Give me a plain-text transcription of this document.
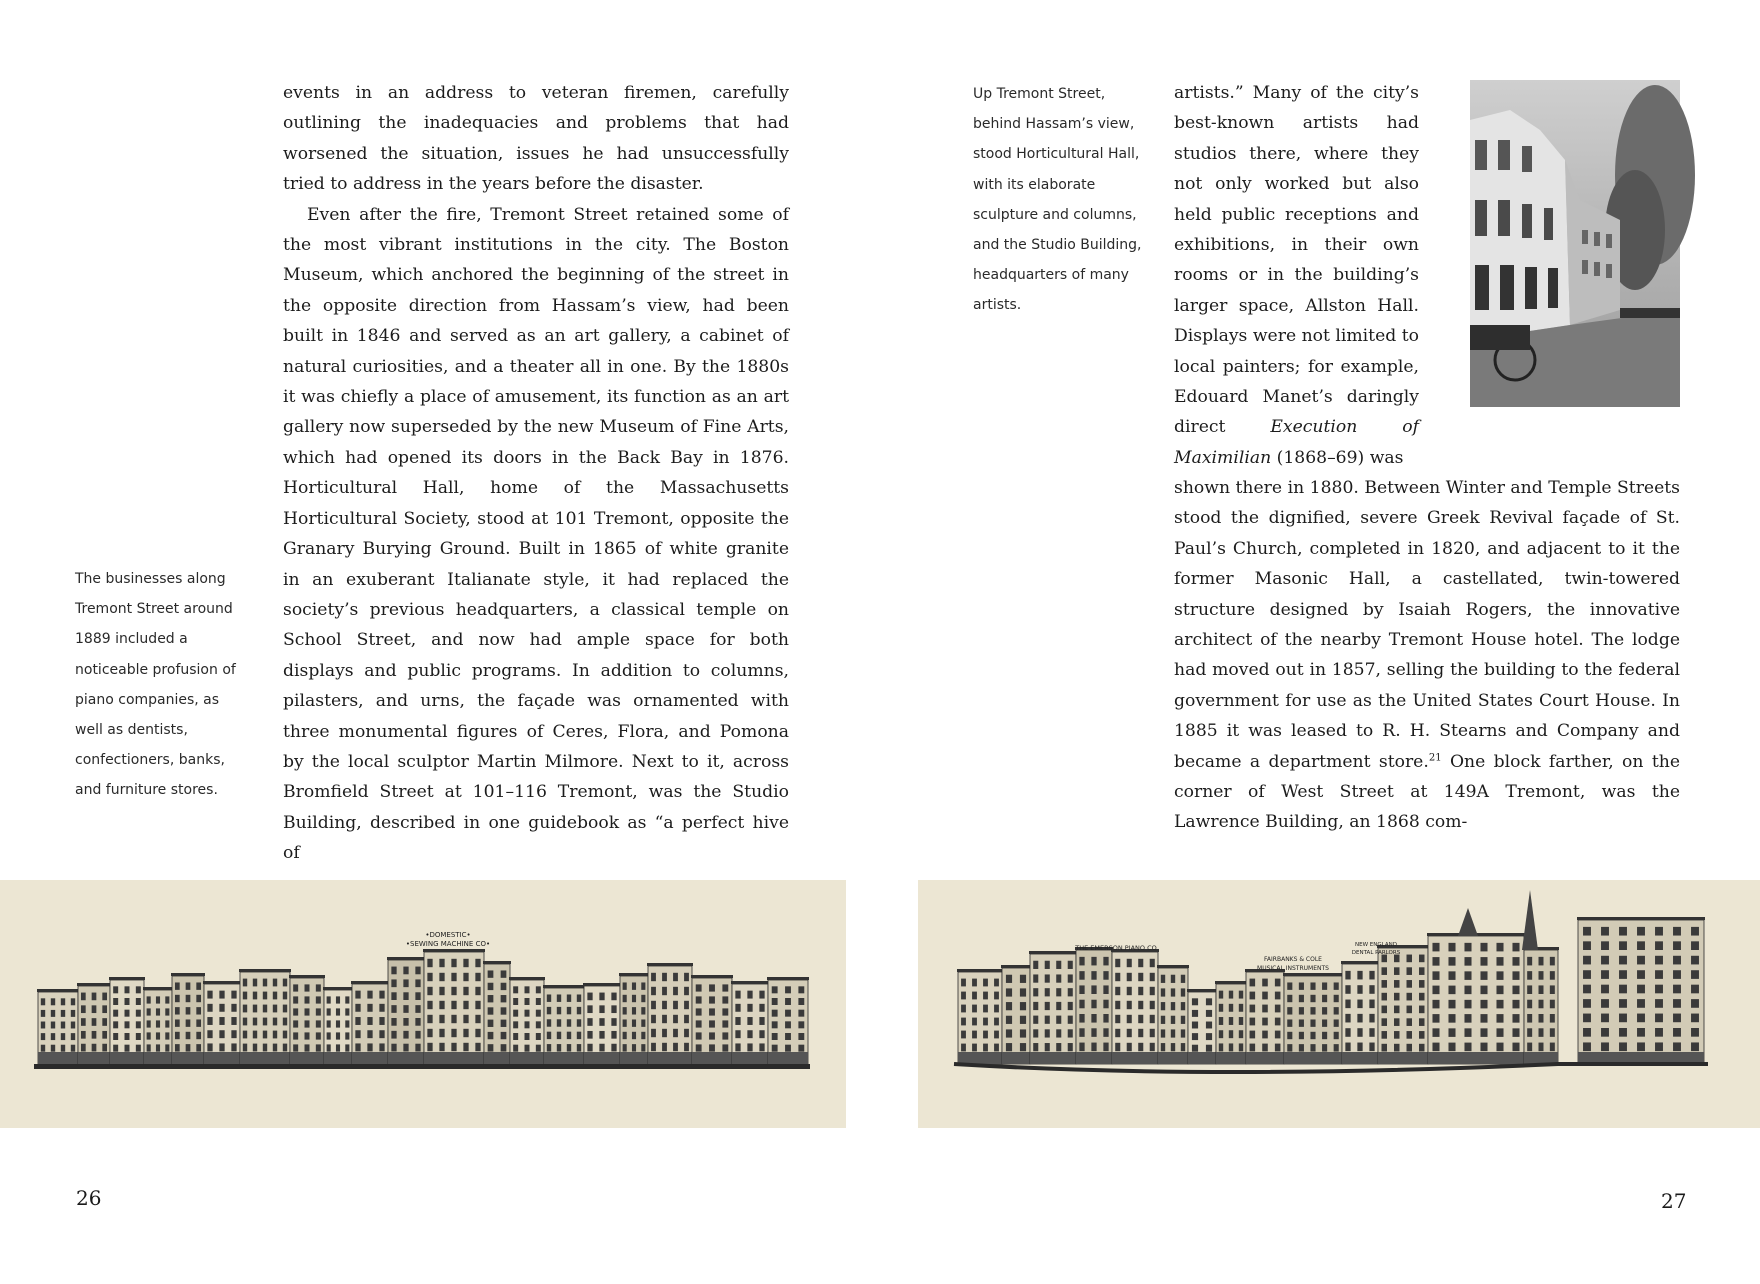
The businesses along
Tremont Street around
1889 included a
noticeable profusion of
piano companies, as
well as dentists,
confectioners, banks,
and furniture stores.

events in an address to veteran firemen, carefully outlining the inadequacies and problems that had worsened the situation, issues he had unsuccessfully tried to address in the years before the disaster.

Even after the fire, Tremont Street retained some of the most vibrant institutions in the city. The Boston Museum, which anchored the beginning of the street in the opposite direction from Hassam’s view, had been built in 1846 and served as an art gallery, a cabinet of natural curiosities, and a theater all in one. By the 1880s it was chiefly a place of amusement, its function as an art gallery now superseded by the new Museum of Fine Arts, which had opened its doors in the Back Bay in 1876. Horticultural Hall, home of the Massachusetts Horticultural Society, stood at 101 Tremont, opposite the Granary Burying Ground. Built in 1865 of white granite in an exuberant Italianate style, it had replaced the society’s previous headquarters, a classical temple on School Street, and now had ample space for both displays and public programs. In addition to columns, pilasters, and urns, the façade was ornamented with three monumental figures of Ceres, Flora, and Pomona by the local sculptor Martin Milmore. Next to it, across Bromfield Street at 101–116 Tremont, was the Studio Building, described in one guidebook as “a perfect hive of

•DOMESTIC•
•SEWING MACHINE CO•
26
Up Tremont Street,
behind Hassam’s view,
stood Horticultural Hall,
with its elaborate
sculpture and columns,
and the Studio Building,
headquarters of many
artists.

artists.” Many of the city’s best-known artists had studios there, where they not only worked but also held public receptions and exhibitions, in their own rooms or in the building’s larger space, Allston Hall. Displays were not limited to local painters; for example, Edouard Manet’s daringly direct Execution of Maximilian (1868–69) was

shown there in 1880. Between Winter and Temple Streets stood the dignified, severe Greek Revival façade of St. Paul’s Church, completed in 1820, and adjacent to it the former Masonic Hall, a castellated, twin-towered structure designed by Isaiah Rogers, the innovative architect of the nearby Tremont House hotel. The lodge had moved out in 1857, selling the building to the federal government for use as the United States Court House. In 1885 it was leased to R. H. Stearns and Company and became a department store.$^{21}$ One block farther, on the corner of West Street at 149A Tremont, was the Lawrence Building, an 1868 com-

THE EMERSON PIANO CO
FAIRBANKS & COLE
MUSICAL INSTRUMENTS
NEW ENGLAND
DENTAL PARLORS
27
